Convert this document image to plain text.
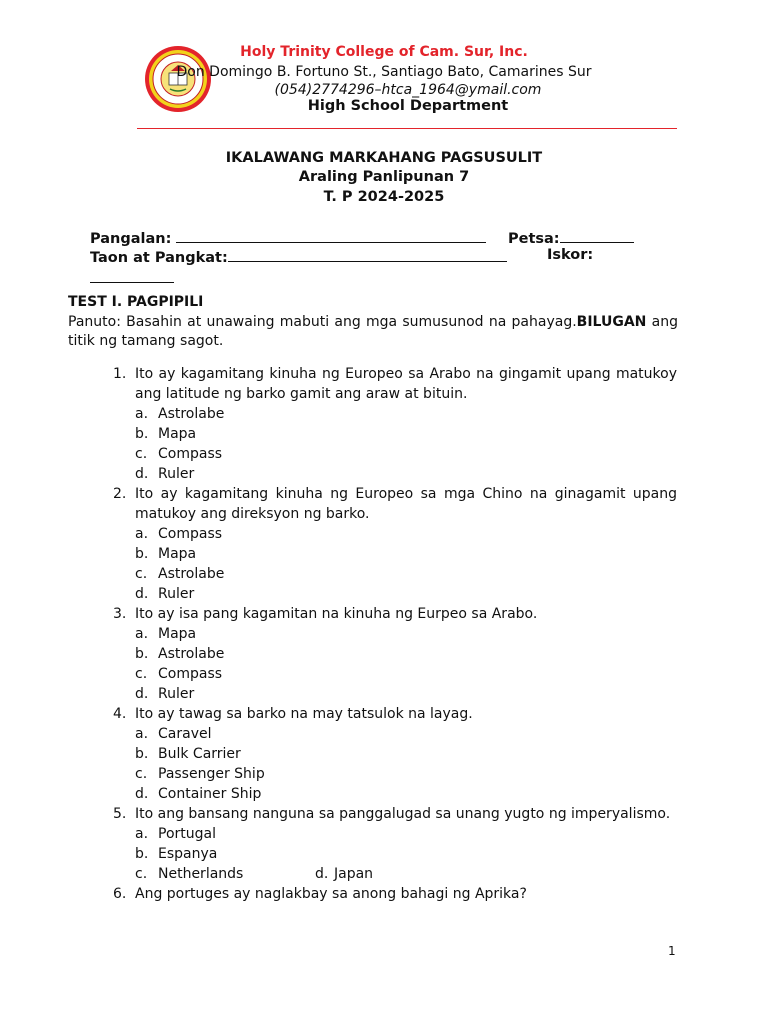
Holy Trinity College of Cam. Sur, Inc.
Don Domingo B. Fortuno St., Santiago Bato, Camarines Sur
(054)2774296–htca_1964@ymail.com
High School Department
IKALAWANG MARKAHANG PAGSUSULIT
Araling Panlipunan 7
T. P 2024-2025
Pangalan:	Petsa:
Taon at Pangkat:	Iskor:
TEST I. PAGPIPILI
Panuto: Basahin at unawaing mabuti ang mga sumusunod na pahayag.BILUGAN ang titik ng tamang sagot.
1. Ito ay kagamitang kinuha ng Europeo sa Arabo na gingamit upang matukoy ang latitude ng barko gamit ang araw at bituin.
a. Astrolabe
b. Mapa
c. Compass
d. Ruler
2. Ito ay kagamitang kinuha ng Europeo sa mga Chino na ginagamit upang matukoy ang direksyon ng barko.
a. Compass
b. Mapa
c. Astrolabe
d. Ruler
3. Ito ay isa pang kagamitan na kinuha ng Eurpeo sa Arabo.
a. Mapa
b. Astrolabe
c. Compass
d. Ruler
4. Ito ay tawag sa barko na may tatsulok na layag.
a. Caravel
b. Bulk Carrier
c. Passenger Ship
d. Container Ship
5. Ito ang bansang nanguna sa panggalugad sa unang yugto ng imperyalismo.
a. Portugal
b. Espanya
c. Netherlands	d. Japan
6. Ang portuges ay naglakbay sa anong bahagi ng Aprika?
1
